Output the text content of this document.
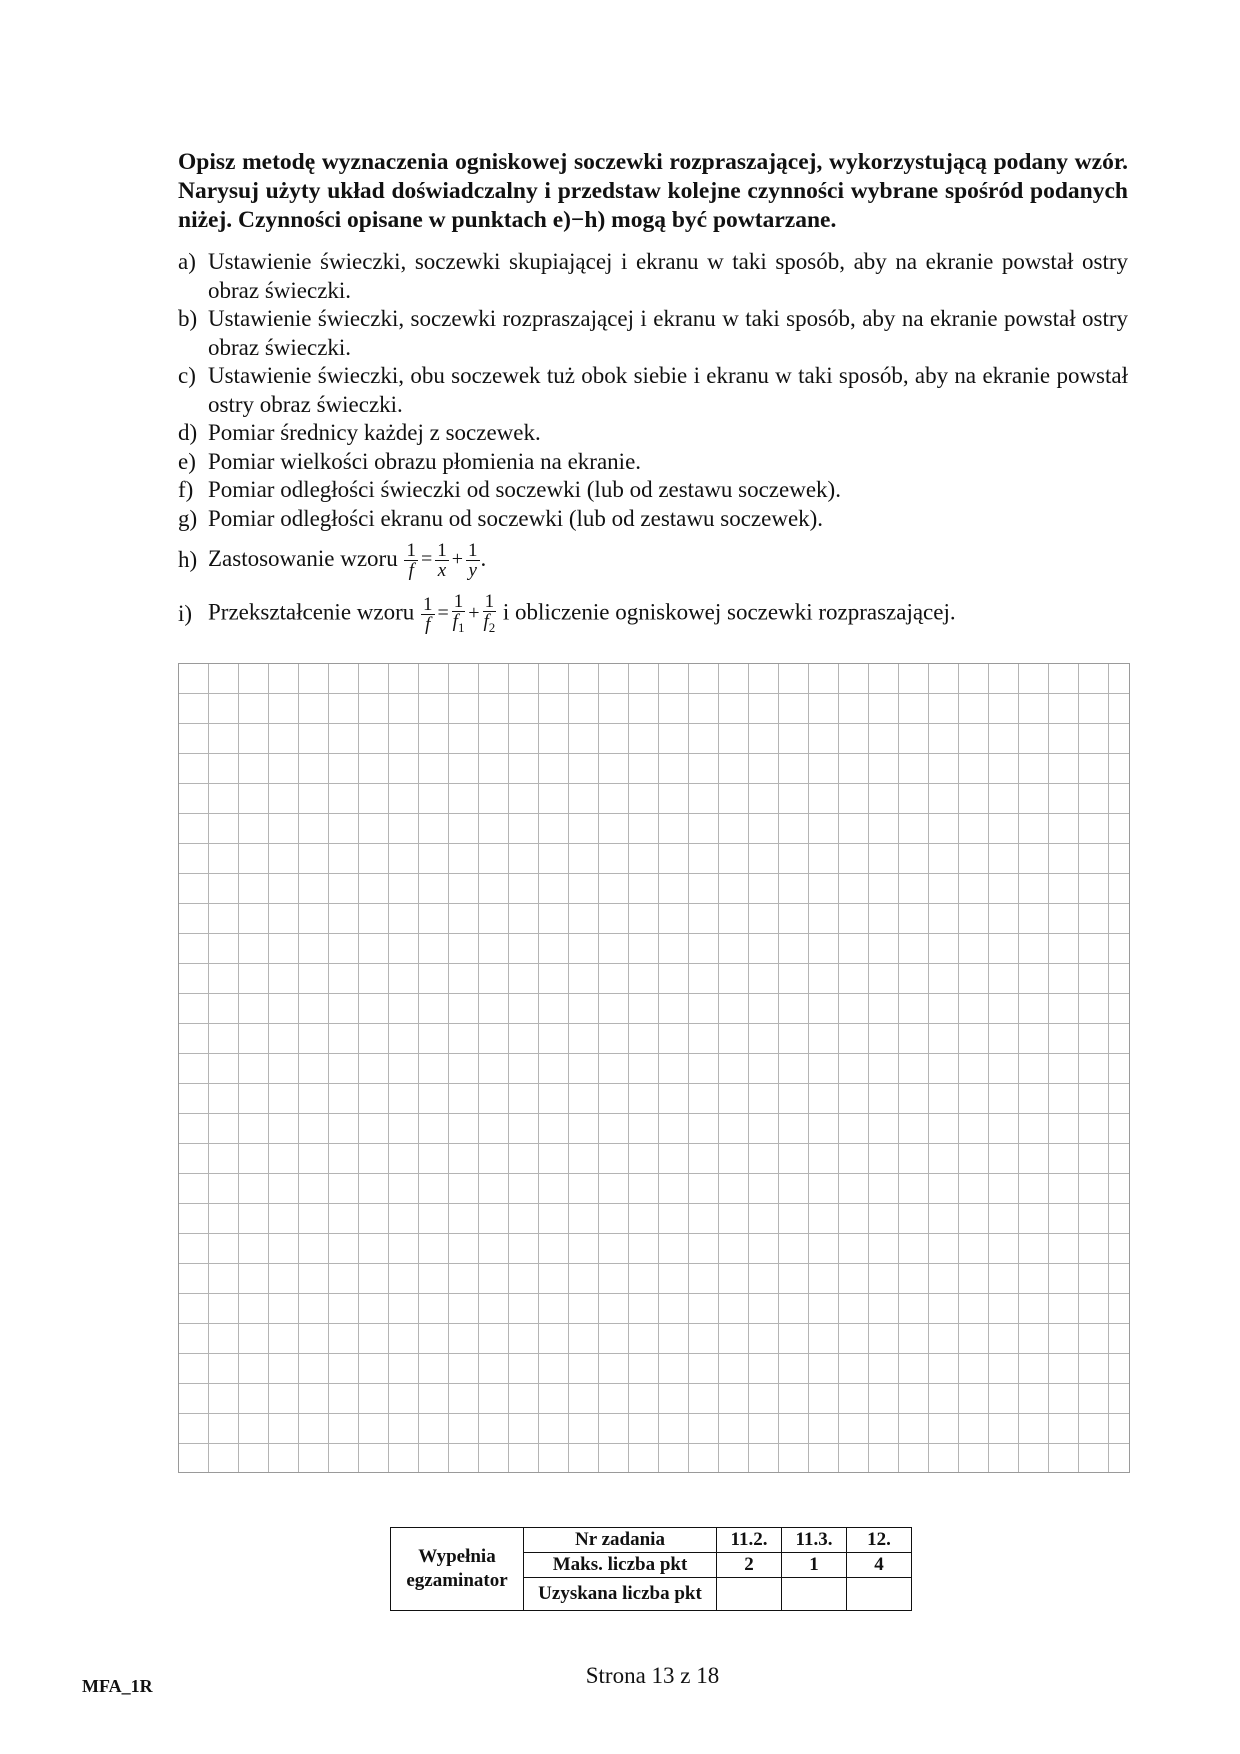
Opisz metodę wyznaczenia ogniskowej soczewki rozpraszającej, wykorzystującą podany wzór. Narysuj użyty układ doświadczalny i przedstaw kolejne czynności wybrane spośród podanych niżej. Czynności opisane w punktach e)−h) mogą być powtarzane.
a) Ustawienie świeczki, soczewki skupiającej i ekranu w taki sposób, aby na ekranie powstał ostry obraz świeczki.
b) Ustawienie świeczki, soczewki rozpraszającej i ekranu w taki sposób, aby na ekranie powstał ostry obraz świeczki.
c) Ustawienie świeczki, obu soczewek tuż obok siebie i ekranu w taki sposób, aby na ekranie powstał ostry obraz świeczki.
d) Pomiar średnicy każdej z soczewek.
e) Pomiar wielkości obrazu płomienia na ekranie.
f) Pomiar odległości świeczki od soczewki (lub od zestawu soczewek).
g) Pomiar odległości ekranu od soczewki (lub od zestawu soczewek).
h) Zastosowanie wzoru $\frac{1}{f} = \frac{1}{x} + \frac{1}{y}$ .
i) Przekształcenie wzoru $\frac{1}{f} = \frac{1}{f_1} + \frac{1}{f_2}$ i obliczenie ogniskowej soczewki rozpraszającej.
Wypełnia
egzaminator	Nr zadania	11.2.	11.3.	12.
	Maks. liczba pkt	2	1	4
	Uzyskana liczba pkt			
MFA_1R	Strona 13 z 18
